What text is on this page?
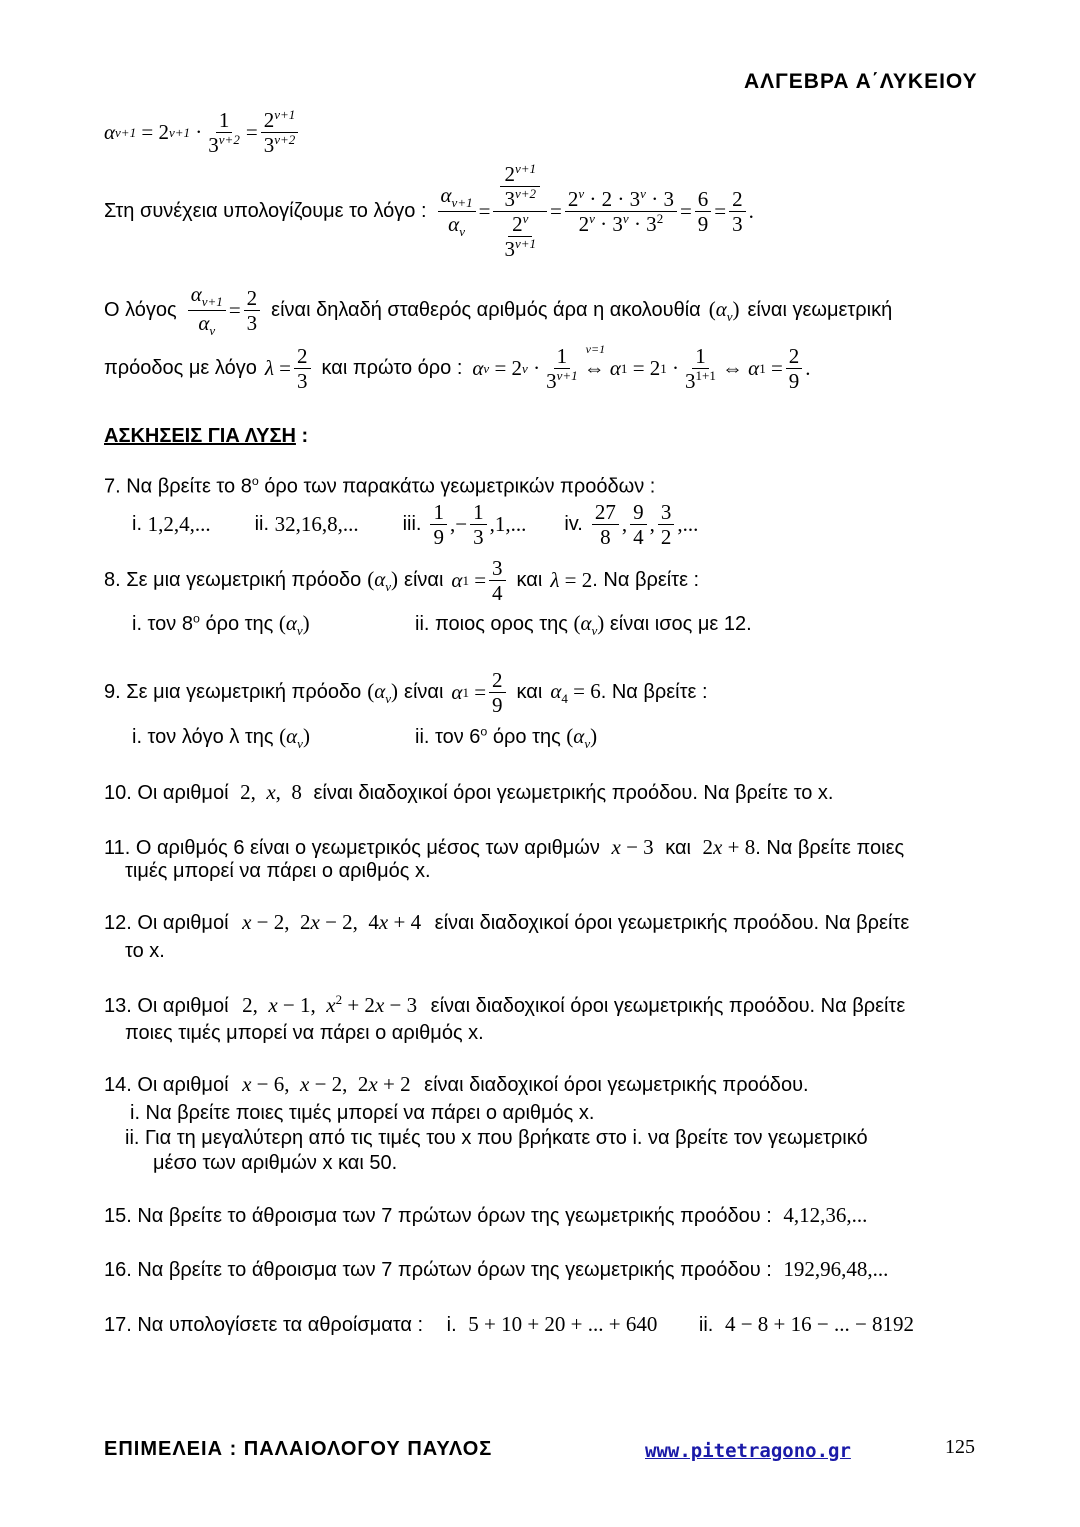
ΑΛΓΕΒΡΑ Α΄ΛΥΚΕΙΟΥ
α ν+1 = 2 $\nu+1 \cdot \frac{1}{3^{\nu+2}} = \frac{2^{\nu+1}}{3^{\nu+2}}$
Στη συνέχεια υπολογίζουμε το λόγο : $\frac{\alpha_{\nu+1}}{\alpha_\nu} = \frac{\frac{2^{\nu+1}}{3^{\nu+2}}}{\frac{2^\nu}{3^{\nu+1}}} = \frac{2^\nu \cdot 2 \cdot 3^\nu \cdot 3}{2^\nu \cdot 3^\nu \cdot 3^2} = \frac{6}{9} = \frac{2}{3}$ .
Ο λόγος $\frac{\alpha_{\nu+1}}{\alpha_\nu} = \frac{2}{3}$ είναι δηλαδή σταθερός αριθμός άρα η ακολουθία $(\alpha_\nu)$ είναι γεωμετρική
πρόοδος με λόγο $\lambda = \frac{2}{3}$ και πρώτο όρο : α ν = 2 $\nu \cdot \frac{1}{3^{\nu+1}}$ ⇔
ν=1

α 1 = 2 $1 \cdot \frac{1}{3^{1+1}}$ ⇔ α $1 = \frac{2}{9}$ .
ΑΣΚΗΣΕΙΣ ΓΙΑ ΛΥΣΗ :
7. Να βρείτε το $8^o$ όρο των παρακάτω γεωμετρικών προόδων :
i.
1,2,4,... ii.
32,16,8,... iii. $\frac{1}{9}$ ,− $\frac{1}{3} ,1$,... iv. $\frac{27}{8}$ , $\frac{9}{4}$ , $\frac{3}{2}$ ,...
8. Σε μια γεωμετρική πρόοδο $(\alpha_\nu)$ είναι α $1 = \frac{3}{4}$ και λ = 2 . Να βρείτε :
i. τον $8^o$ όρο της $(\alpha_\nu)$	ii. ποιος ορος της $(\alpha_\nu)$ είναι ισος με 12.
9. Σε μια γεωμετρική πρόοδο $(\alpha_\nu)$ είναι α $1 = \frac{2}{9}$ και $\alpha_4 = 6$ . Να βρείτε :
i. τον λόγο λ της $(\alpha_\nu)$	ii. τον $6^o$ όρο της $(\alpha_\nu)$
10. Οι αριθμοί 2,  x,  8 είναι διαδοχικοί όροι γεωμετρικής προόδου. Να βρείτε το x.
11. Ο αριθμός 6 είναι ο γεωμετρικός μέσος των αριθμών x − 3 και 2x + 8. Να βρείτε ποιες
τιμές μπορεί να πάρει ο αριθμός x.
12. Οι αριθμοί x − 2,  2x − 2,  4x + 4 είναι διαδοχικοί όροι γεωμετρικής προόδου. Να βρείτε
το x.
13. Οι αριθμοί 2,  x − 1,  $x^2 + 2x - 3$ είναι διαδοχικοί όροι γεωμετρικής προόδου. Να βρείτε
ποιες τιμές μπορεί να πάρει ο αριθμός x.
14. Οι αριθμοί x − 6,  x − 2,  2x + 2 είναι διαδοχικοί όροι γεωμετρικής προόδου.
i. Να βρείτε ποιες τιμές μπορεί να πάρει ο αριθμός x.
ii. Για τη μεγαλύτερη από τις τιμές του x που βρήκατε στο i. να βρείτε τον γεωμετρικό
μέσο των αριθμών x και 50.
15. Να βρείτε το άθροισμα των 7 πρώτων όρων της γεωμετρικής προόδου : 4,12,36,...
16. Να βρείτε το άθροισμα των 7 πρώτων όρων της γεωμετρικής προόδου : 192,96,48,...
17. Να υπολογίσετε τα αθροίσματα : i. 5 + 10 + 20 + ... + 640 ii. 4 − 8 + 16 − ... − 8192
ΕΠΙΜΕΛΕΙΑ : ΠΑΛΑΙΟΛΟΓΟΥ ΠΑΥΛΟΣ	www.pitetragono.gr	125
